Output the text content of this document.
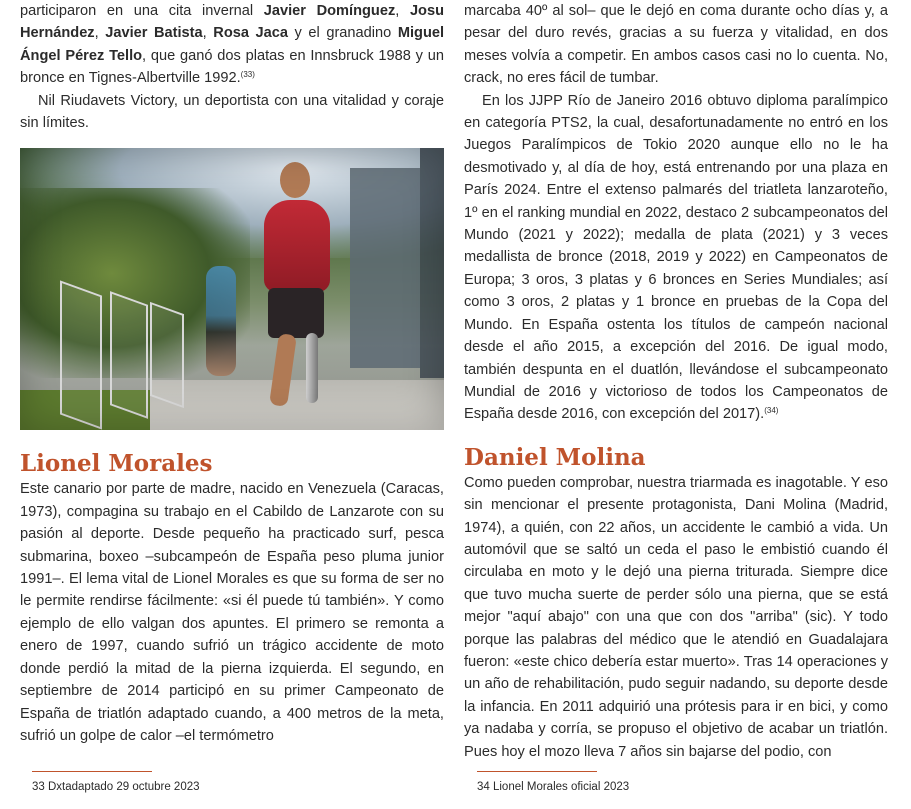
participaron en una cita invernal Javier Domínguez, Josu Hernández, Javier Batista, Rosa Jaca y el granadino Miguel Ángel Pérez Tello, que ganó dos platas en Innsbruck 1988 y un bronce en Tignes-Albertville 1992.$^{(33)}$

Nil Riudavets Victory, un deportista con una vitalidad y coraje sin límites.

Lionel Morales

Este canario por parte de madre, nacido en Venezuela (Caracas, 1973), compagina su trabajo en el Cabildo de Lanzarote con su pasión al deporte. Desde pequeño ha practicado surf, pesca submarina, boxeo –subcampeón de España peso pluma junior 1991–. El lema vital de Lionel Morales es que su forma de ser no le permite rendirse fácilmente: «si él puede tú también». Y como ejemplo de ello valgan dos apuntes. El primero se remonta a enero de 1997, cuando sufrió un trágico accidente de moto donde perdió la mitad de la pierna izquierda. El segundo, en septiembre de 2014 participó en su primer Campeonato de España de triatlón adaptado cuando, a 400 metros de la meta, sufrió un golpe de calor –el termómetro

marcaba 40º al sol– que le dejó en coma durante ocho días y, a pesar del duro revés, gracias a su fuerza y vitalidad, en dos meses volvía a competir. En ambos casos casi no lo cuenta. No, crack, no eres fácil de tumbar.

En los JJPP Río de Janeiro 2016 obtuvo diploma paralímpico en categoría PTS2, la cual, desafortunadamente no entró en los Juegos Paralímpicos de Tokio 2020 aunque ello no le ha desmotivado y, al día de hoy, está entrenando por una plaza en París 2024. Entre el extenso palmarés del triatleta lanzaroteño, 1º en el ranking mundial en 2022, destaco 2 subcampeonatos del Mundo (2021 y 2022); medalla de plata (2021) y 3 veces medallista de bronce (2018, 2019 y 2022) en Campeonatos de Europa; 3 oros, 3 platas y 6 bronces en Series Mundiales; así como 3 oros, 2 platas y 1 bronce en pruebas de la Copa del Mundo. En España ostenta los títulos de campeón nacional desde el año 2015, a excepción del 2016. De igual modo, también despunta en el duatlón, llevándose el subcampeonato Mundial de 2016 y victorioso de todos los Campeonatos de España desde 2016, con excepción del 2017).$^{(34)}$

Daniel Molina

Como pueden comprobar, nuestra triarmada es inagotable. Y eso sin mencionar el presente protagonista, Dani Molina (Madrid, 1974), a quién, con 22 años, un accidente le cambió a vida. Un automóvil que se saltó un ceda el paso le embistió cuando él circulaba en moto y le dejó una pierna triturada. Siempre dice que tuvo mucha suerte de perder sólo una pierna, que se está mejor "aquí abajo" con una que con dos "arriba" (sic). Y todo porque las palabras del médico que le atendió en Guadalajara fueron: «este chico debería estar muerto». Tras 14 operaciones y un año de rehabilitación, pudo seguir nadando, su deporte desde la infancia. En 2011 adquirió una prótesis para ir en bici, y como ya nadaba y corría, se propuso el objetivo de acabar un triatlón. Pues hoy el mozo lleva 7 años sin bajarse del podio, con

33 Dxtadaptado 29 octubre 2023	34 Lionel Morales oficial 2023
